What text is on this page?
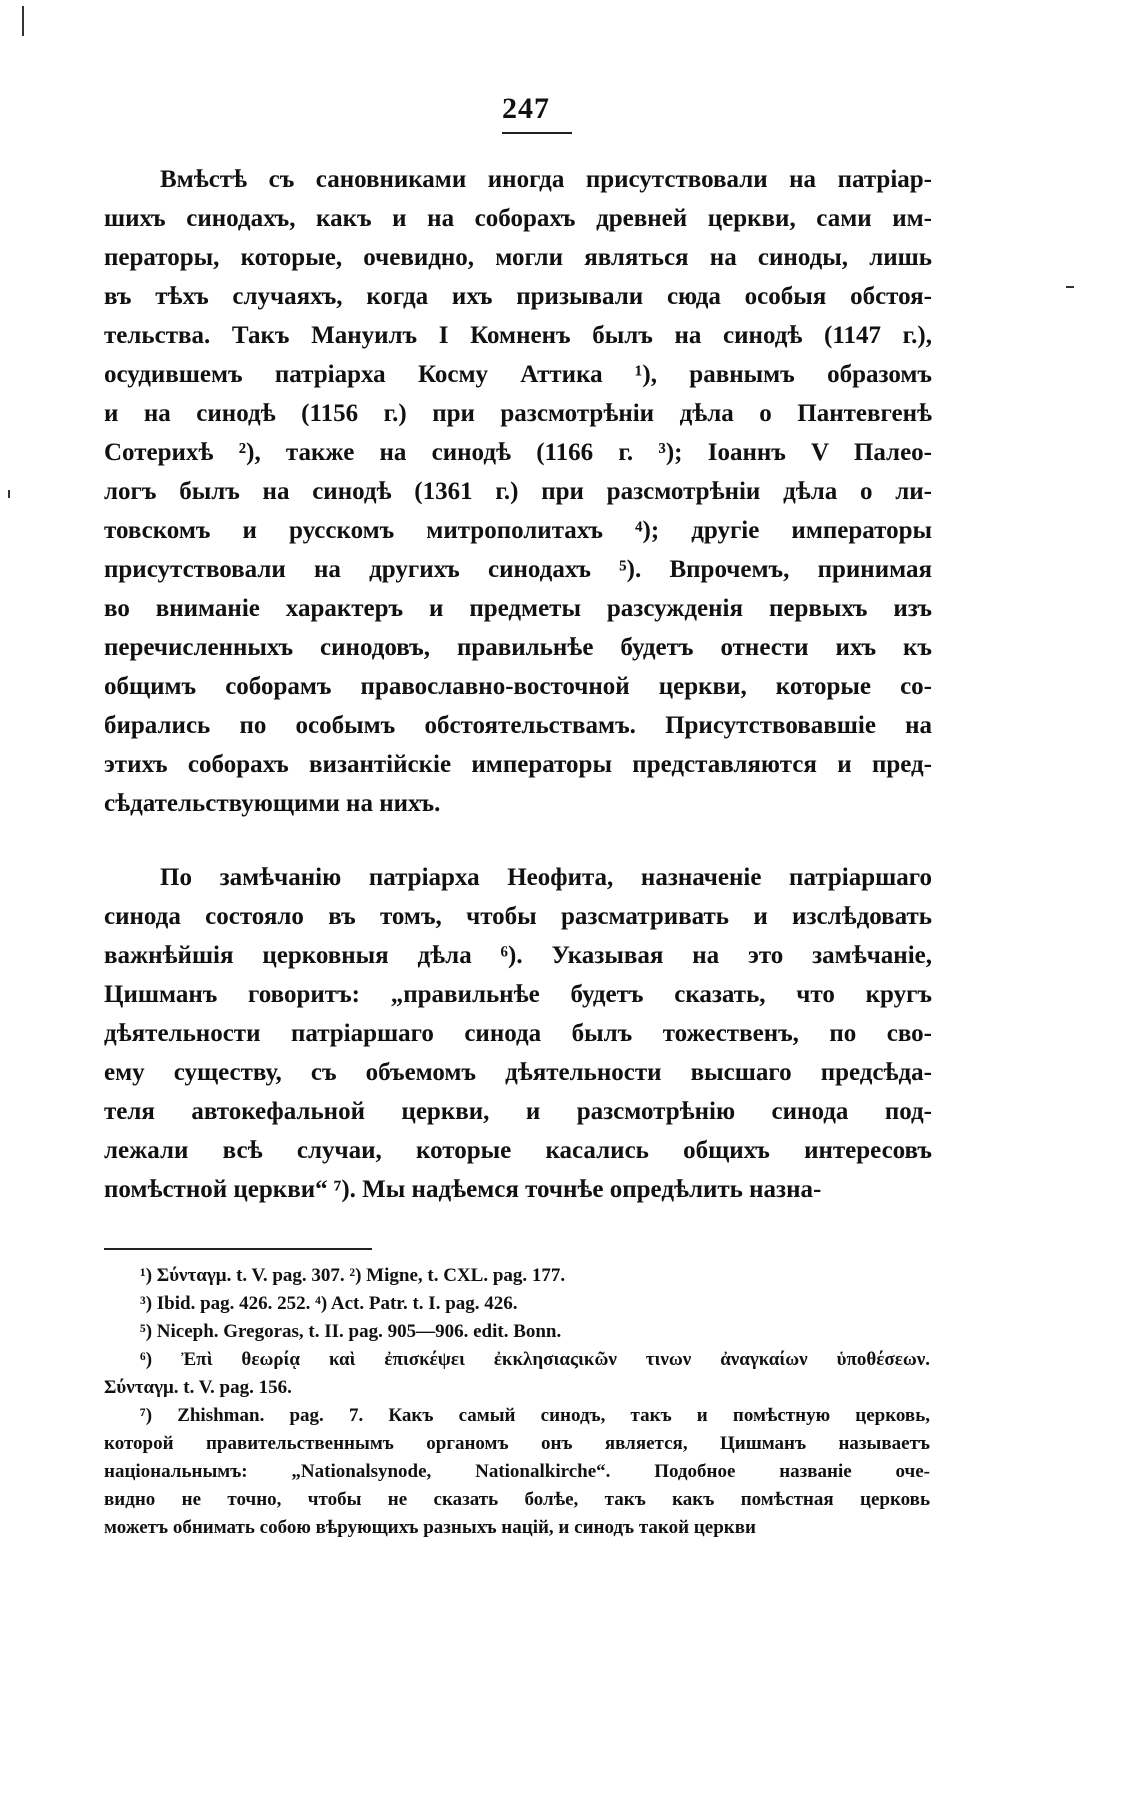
247
Вмѣстѣ съ сановниками иногда присутствовали на патрiар-
шихъ синодахъ, какъ и на соборахъ древней церкви, сами им-
ператоры, которые, очевидно, могли являться на синоды, лишь
въ тѣхъ случаяхъ, когда ихъ призывали сюда особыя обстоя-
тельства. Такъ Мануилъ I Комненъ былъ на синодѣ (1147 г.),
осудившемъ патрiарха Косму Аттика ¹), равнымъ образомъ
и на синодѣ (1156 г.) при разсмотрѣнiи дѣла о Пантевгенѣ
Сотерихѣ ²), также на синодѣ (1166 г. ³); Iоаннъ V Палео-
логъ былъ на синодѣ (1361 г.) при разсмотрѣнiи дѣла о ли-
товскомъ и русскомъ митрополитахъ ⁴); другiе императоры
присутствовали на другихъ синодахъ ⁵). Впрочемъ, принимая
во вниманiе характеръ и предметы разсужденiя первыхъ изъ
перечисленныхъ синодовъ, правильнѣе будетъ отнести ихъ къ
общимъ соборамъ православно-восточной церкви, которые со-
бирались по особымъ обстоятельствамъ. Присутствовавшiе на
этихъ соборахъ византiйскiе императоры представляются и пред-
сѣдательствующими на нихъ.
По замѣчанiю патрiарха Неофита, назначенiе патрiаршаго
синода состояло въ томъ, чтобы разсматривать и изслѣдовать
важнѣйшiя церковныя дѣла ⁶). Указывая на это замѣчанiе,
Цишманъ говоритъ: „правильнѣе будетъ сказать, что кругъ
дѣятельности патрiаршаго синода былъ тожественъ, по сво-
ему существу, съ объемомъ дѣятельности высшаго предсѣда-
теля автокефальной церкви, и разсмотрѣнiю синода под-
лежали всѣ случаи, которые касались общихъ интересовъ
помѣстной церкви“ ⁷). Мы надѣемся точнѣе опредѣлить назна-
¹) Σύνταγμ. t. V. pag. 307. ²) Migne, t. CXL. pag. 177.
³) Ibid. pag. 426. 252. ⁴) Act. Patr. t. I. pag. 426.
⁵) Niceph. Gregoras, t. II. pag. 905—906. edit. Bonn.
⁶) Ἐπὶ θεωρίᾳ καὶ ἐπισκέψει ἐκκλησιαςικῶν τινων ἀναγκαίων ὑποθέσεων.
Σύνταγμ. t. V. pag. 156.
⁷) Zhishman. pag. 7. Какъ самый синодъ, такъ и помѣстную церковь,
которой правительственнымъ органомъ онъ является, Цишманъ называетъ
нацiональнымъ: „Nationalsynode, Nationalkirche“. Подобное названiе оче-
видно не точно, чтобы не сказать болѣе, такъ какъ помѣстная церковь
можетъ обнимать собою вѣрующихъ разныхъ нацiй, и синодъ такой церкви
